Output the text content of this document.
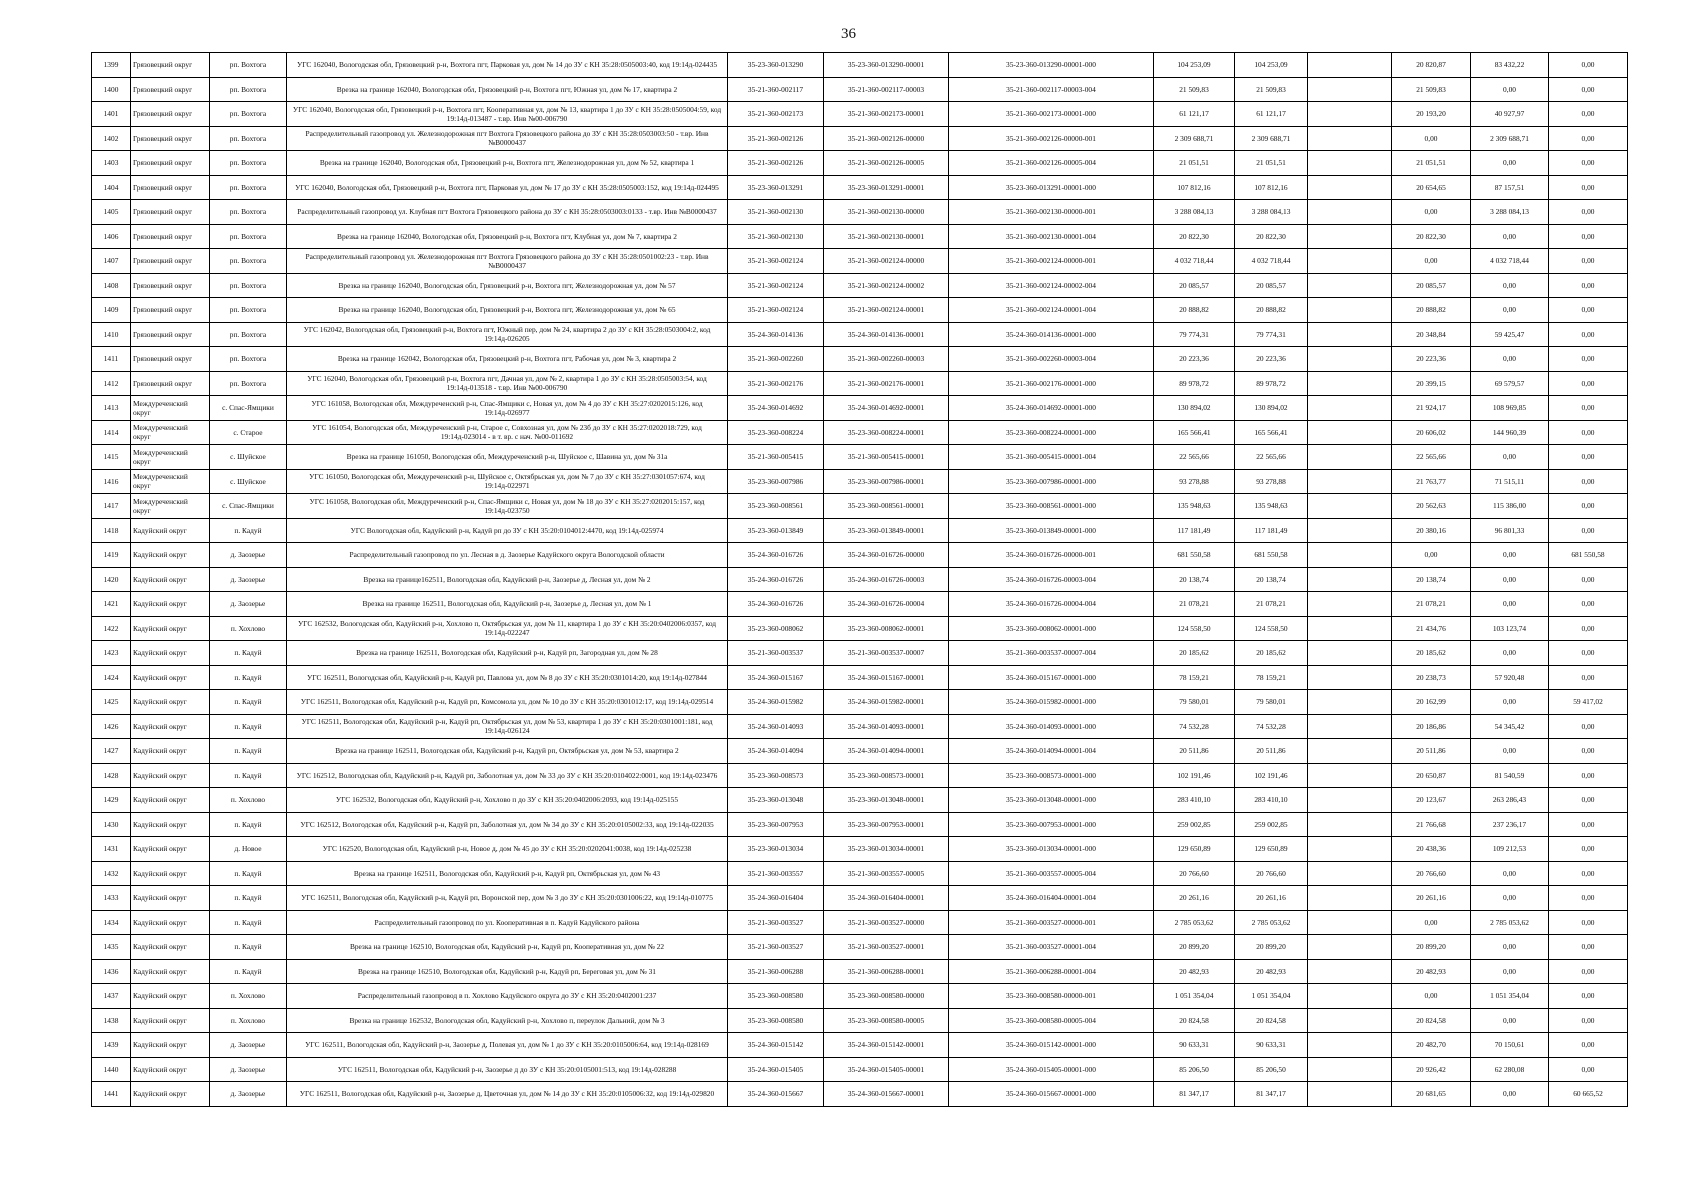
36
1399	Грязовецкий округ	рп. Вохтога	УГС 162040, Вологодская обл, Грязовецкий р-н, Вохтога пгт, Парковая ул, дом № 14 до ЗУ с КН 35:28:0505003:40, код 19:14д-024435	35-23-360-013290	35-23-360-013290-00001	35-23-360-013290-00001-000	104 253,09	104 253,09		20 820,87	83 432,22	0,00
1400	Грязовецкий округ	рп. Вохтога	Врезка на границе 162040, Вологодская обл, Грязовецкий р-н, Вохтога пгт, Южная ул, дом № 17, квартира 2	35-21-360-002117	35-21-360-002117-00003	35-21-360-002117-00003-004	21 509,83	21 509,83		21 509,83	0,00	0,00
1401	Грязовецкий округ	рп. Вохтога	УГС 162040, Вологодская обл, Грязовецкий р-н, Вохтога пгт, Кооперативная ул, дом № 13, квартира 1 до ЗУ с КН 35:28:0505004:59, код 19:14д-013487 - т.вр. Инв №00-006790	35-21-360-002173	35-21-360-002173-00001	35-21-360-002173-00001-000	61 121,17	61 121,17		20 193,20	40 927,97	0,00
1402	Грязовецкий округ	рп. Вохтога	Распределительный газопровод ул. Железнодорожная пгт Вохтога Грязовецкого района до ЗУ с КН 35:28:0503003:50 - т.вр. Инв №В0000437	35-21-360-002126	35-21-360-002126-00000	35-21-360-002126-00000-001	2 309 688,71	2 309 688,71		0,00	2 309 688,71	0,00
1403	Грязовецкий округ	рп. Вохтога	Врезка на границе 162040, Вологодская обл, Грязовецкий р-н, Вохтога пгт, Железнодорожная ул, дом № 52, квартира 1	35-21-360-002126	35-21-360-002126-00005	35-21-360-002126-00005-004	21 051,51	21 051,51		21 051,51	0,00	0,00
1404	Грязовецкий округ	рп. Вохтога	УГС 162040, Вологодская обл, Грязовецкий р-н, Вохтога пгт, Парковая ул, дом № 17 до ЗУ с КН 35:28:0505003:152, код 19:14д-024495	35-23-360-013291	35-23-360-013291-00001	35-23-360-013291-00001-000	107 812,16	107 812,16		20 654,65	87 157,51	0,00
1405	Грязовецкий округ	рп. Вохтога	Распределительный газопровод ул. Клубная пгт Вохтога Грязовецкого района до ЗУ с КН 35:28:0503003:0133 - т.вр. Инв №В0000437	35-21-360-002130	35-21-360-002130-00000	35-21-360-002130-00000-001	3 288 084,13	3 288 084,13		0,00	3 288 084,13	0,00
1406	Грязовецкий округ	рп. Вохтога	Врезка на границе 162040, Вологодская обл, Грязовецкий р-н, Вохтога пгт, Клубная ул, дом № 7, квартира 2	35-21-360-002130	35-21-360-002130-00001	35-21-360-002130-00001-004	20 822,30	20 822,30		20 822,30	0,00	0,00
1407	Грязовецкий округ	рп. Вохтога	Распределительный газопровод ул. Железнодорожная пгт Вохтога Грязовецкого района до ЗУ с КН 35:28:0501002:23 - т.вр. Инв №В0000437	35-21-360-002124	35-21-360-002124-00000	35-21-360-002124-00000-001	4 032 718,44	4 032 718,44		0,00	4 032 718,44	0,00
1408	Грязовецкий округ	рп. Вохтога	Врезка на границе 162040, Вологодская обл, Грязовецкий р-н, Вохтога пгт, Железнодорожная ул, дом № 57	35-21-360-002124	35-21-360-002124-00002	35-21-360-002124-00002-004	20 085,57	20 085,57		20 085,57	0,00	0,00
1409	Грязовецкий округ	рп. Вохтога	Врезка на границе 162040, Вологодская обл, Грязовецкий р-н, Вохтога пгт, Железнодорожная ул, дом № 65	35-21-360-002124	35-21-360-002124-00001	35-21-360-002124-00001-004	20 888,82	20 888,82		20 888,82	0,00	0,00
1410	Грязовецкий округ	рп. Вохтога	УГС 162042, Вологодская обл, Грязовецкий р-н, Вохтога пгт, Южный пер, дом № 24, квартира 2 до ЗУ с КН 35:28:0503004:2, код 19:14д-026205	35-24-360-014136	35-24-360-014136-00001	35-24-360-014136-00001-000	79 774,31	79 774,31		20 348,84	59 425,47	0,00
1411	Грязовецкий округ	рп. Вохтога	Врезка на границе 162042, Вологодская обл, Грязовецкий р-н, Вохтога пгт, Рабочая ул, дом № 3, квартира 2	35-21-360-002260	35-21-360-002260-00003	35-21-360-002260-00003-004	20 223,36	20 223,36		20 223,36	0,00	0,00
1412	Грязовецкий округ	рп. Вохтога	УГС 162040, Вологодская обл, Грязовецкий р-н, Вохтога пгт, Дачная ул, дом № 2, квартира 1 до ЗУ с КН 35:28:0505003:54, код 19:14д-013518 - т.вр. Инв №00-006790	35-21-360-002176	35-21-360-002176-00001	35-21-360-002176-00001-000	89 978,72	89 978,72		20 399,15	69 579,57	0,00
1413	Междуреченский округ	с. Спас-Ямщики	УГС 161058, Вологодская обл, Междуреченский р-н, Спас-Ямщики с, Новая ул, дом № 4 до ЗУ с КН 35:27:0202015:126, код 19:14д-026977	35-24-360-014692	35-24-360-014692-00001	35-24-360-014692-00001-000	130 894,02	130 894,02		21 924,17	108 969,85	0,00
1414	Междуреченский округ	с. Старое	УГС 161054, Вологодская обл, Междуреченский р-н, Старое с, Совхозная ул, дом № 23б до ЗУ с КН 35:27:0202018:729, код 19:14д-023014 - в т. вр. с нач. №00-011692	35-23-360-008224	35-23-360-008224-00001	35-23-360-008224-00001-000	165 566,41	165 566,41		20 606,02	144 960,39	0,00
1415	Междуреченский округ	с. Шуйское	Врезка на границе 161050, Вологодская обл, Междуреченский р-н, Шуйское с, Шавина ул, дом № 31а	35-21-360-005415	35-21-360-005415-00001	35-21-360-005415-00001-004	22 565,66	22 565,66		22 565,66	0,00	0,00
1416	Междуреченский округ	с. Шуйское	УГС 161050, Вологодская обл, Междуреченский р-н, Шуйское с, Октябрьская ул, дом № 7 до ЗУ с КН 35:27:0301057:674, код 19:14д-022971	35-23-360-007986	35-23-360-007986-00001	35-23-360-007986-00001-000	93 278,88	93 278,88		21 763,77	71 515,11	0,00
1417	Междуреченский округ	с. Спас-Ямщики	УГС 161058, Вологодская обл, Междуреченский р-н, Спас-Ямщики с, Новая ул, дом № 18 до ЗУ с КН 35:27:0202015:157, код 19:14д-023750	35-23-360-008561	35-23-360-008561-00001	35-23-360-008561-00001-000	135 948,63	135 948,63		20 562,63	115 386,00	0,00
1418	Кадуйский округ	п. Кадуй	УГС Вологодская обл, Кадуйский р-н, Кадуй рп до ЗУ с КН 35:20:0104012:4470, код 19:14д-025974	35-23-360-013849	35-23-360-013849-00001	35-23-360-013849-00001-000	117 181,49	117 181,49		20 380,16	96 801,33	0,00
1419	Кадуйский округ	д. Заозерье	Распределительный газопровод по ул. Лесная в д. Заозерье Кадуйского округа Вологодской области	35-24-360-016726	35-24-360-016726-00000	35-24-360-016726-00000-001	681 550,58	681 550,58		0,00	0,00	681 550,58
1420	Кадуйский округ	д. Заозерье	Врезка на границе162511, Вологодская обл, Кадуйский р-н, Заозерье д, Лесная ул, дом № 2	35-24-360-016726	35-24-360-016726-00003	35-24-360-016726-00003-004	20 138,74	20 138,74		20 138,74	0,00	0,00
1421	Кадуйский округ	д. Заозерье	Врезка на границе 162511, Вологодская обл, Кадуйский р-н, Заозерье д, Лесная ул, дом № 1	35-24-360-016726	35-24-360-016726-00004	35-24-360-016726-00004-004	21 078,21	21 078,21		21 078,21	0,00	0,00
1422	Кадуйский округ	п. Хохлово	УГС 162532, Вологодская обл, Кадуйский р-н, Хохлово п, Октябрьская ул, дом № 11, квартира 1 до ЗУ с КН 35:20:0402006:0357, код 19:14д-022247	35-23-360-008062	35-23-360-008062-00001	35-23-360-008062-00001-000	124 558,50	124 558,50		21 434,76	103 123,74	0,00
1423	Кадуйский округ	п. Кадуй	Врезка на границе 162511, Вологодская обл, Кадуйский р-н, Кадуй рп, Загородная ул, дом № 28	35-21-360-003537	35-21-360-003537-00007	35-21-360-003537-00007-004	20 185,62	20 185,62		20 185,62	0,00	0,00
1424	Кадуйский округ	п. Кадуй	УГС 162511, Вологодская обл, Кадуйский р-н, Кадуй рп, Павлова ул, дом № 8 до ЗУ с КН 35:20:0301014:20, код 19:14д-027844	35-24-360-015167	35-24-360-015167-00001	35-24-360-015167-00001-000	78 159,21	78 159,21		20 238,73	57 920,48	0,00
1425	Кадуйский округ	п. Кадуй	УГС 162511, Вологодская обл, Кадуйский р-н, Кадуй рп, Комсомола ул, дом № 10 до ЗУ с КН 35:20:0301012:17, код 19:14д-029514	35-24-360-015982	35-24-360-015982-00001	35-24-360-015982-00001-000	79 580,01	79 580,01		20 162,99	0,00	59 417,02
1426	Кадуйский округ	п. Кадуй	УГС 162511, Вологодская обл, Кадуйский р-н, Кадуй рп, Октябрьская ул, дом № 53, квартира 1 до ЗУ с КН 35:20:0301001:181, код 19:14д-026124	35-24-360-014093	35-24-360-014093-00001	35-24-360-014093-00001-000	74 532,28	74 532,28		20 186,86	54 345,42	0,00
1427	Кадуйский округ	п. Кадуй	Врезка на границе 162511, Вологодская обл, Кадуйский р-н, Кадуй рп, Октябрьская ул, дом № 53, квартира 2	35-24-360-014094	35-24-360-014094-00001	35-24-360-014094-00001-004	20 511,86	20 511,86		20 511,86	0,00	0,00
1428	Кадуйский округ	п. Кадуй	УГС 162512, Вологодская обл, Кадуйский р-н, Кадуй рп, Заболотная ул, дом № 33 до ЗУ с КН 35:20:0104022:0001, код 19:14д-023476	35-23-360-008573	35-23-360-008573-00001	35-23-360-008573-00001-000	102 191,46	102 191,46		20 650,87	81 540,59	0,00
1429	Кадуйский округ	п. Хохлово	УГС 162532, Вологодская обл, Кадуйский р-н, Хохлово п до ЗУ с КН 35:20:0402006:2093, код 19:14д-025155	35-23-360-013048	35-23-360-013048-00001	35-23-360-013048-00001-000	283 410,10	283 410,10		20 123,67	263 286,43	0,00
1430	Кадуйский округ	п. Кадуй	УГС 162512, Вологодская обл, Кадуйский р-н, Кадуй рп, Заболотная ул, дом № 34 до ЗУ с КН 35:20:0105002:33, код 19:14д-022035	35-23-360-007953	35-23-360-007953-00001	35-23-360-007953-00001-000	259 002,85	259 002,85		21 766,68	237 236,17	0,00
1431	Кадуйский округ	д. Новое	УГС 162520, Вологодская обл, Кадуйский р-н, Новое д, дом № 45 до ЗУ с КН 35:20:0202041:0038, код 19:14д-025238	35-23-360-013034	35-23-360-013034-00001	35-23-360-013034-00001-000	129 650,89	129 650,89		20 438,36	109 212,53	0,00
1432	Кадуйский округ	п. Кадуй	Врезка на границе 162511, Вологодская обл, Кадуйский р-н, Кадуй рп, Октябрьская ул, дом № 43	35-21-360-003557	35-21-360-003557-00005	35-21-360-003557-00005-004	20 766,60	20 766,60		20 766,60	0,00	0,00
1433	Кадуйский округ	п. Кадуй	УГС 162511, Вологодская обл, Кадуйский р-н, Кадуй рп, Воронской пер, дом № 3 до ЗУ с КН 35:20:0301006:22, код 19:14д-010775	35-24-360-016404	35-24-360-016404-00001	35-24-360-016404-00001-004	20 261,16	20 261,16		20 261,16	0,00	0,00
1434	Кадуйский округ	п. Кадуй	Распределительный газопровод по ул. Кооперативная в п. Кадуй Кадуйского района	35-21-360-003527	35-21-360-003527-00000	35-21-360-003527-00000-001	2 785 053,62	2 785 053,62		0,00	2 785 053,62	0,00
1435	Кадуйский округ	п. Кадуй	Врезка на границе 162510, Вологодская обл, Кадуйский р-н, Кадуй рп, Кооперативная ул, дом № 22	35-21-360-003527	35-21-360-003527-00001	35-21-360-003527-00001-004	20 899,20	20 899,20		20 899,20	0,00	0,00
1436	Кадуйский округ	п. Кадуй	Врезка на границе 162510, Вологодская обл, Кадуйский р-н, Кадуй рп, Береговая ул, дом № 31	35-21-360-006288	35-21-360-006288-00001	35-21-360-006288-00001-004	20 482,93	20 482,93		20 482,93	0,00	0,00
1437	Кадуйский округ	п. Хохлово	Распределительный газопровод в п. Хохлово Кадуйского округа до ЗУ с КН 35:20:0402001:237	35-23-360-008580	35-23-360-008580-00000	35-23-360-008580-00000-001	1 051 354,04	1 051 354,04		0,00	1 051 354,04	0,00
1438	Кадуйский округ	п. Хохлово	Врезка на границе 162532, Вологодская обл, Кадуйский р-н, Хохлово п, переулок Дальний, дом № 3	35-23-360-008580	35-23-360-008580-00005	35-23-360-008580-00005-004	20 824,58	20 824,58		20 824,58	0,00	0,00
1439	Кадуйский округ	д. Заозерье	УГС 162511, Вологодская обл, Кадуйский р-н, Заозерье д, Полевая ул, дом № 1 до ЗУ с КН 35:20:0105006:64, код 19:14д-028169	35-24-360-015142	35-24-360-015142-00001	35-24-360-015142-00001-000	90 633,31	90 633,31		20 482,70	70 150,61	0,00
1440	Кадуйский округ	д. Заозерье	УГС 162511, Вологодская обл, Кадуйский р-н, Заозерье д до ЗУ с КН 35:20:0105001:513, код 19:14д-028288	35-24-360-015405	35-24-360-015405-00001	35-24-360-015405-00001-000	85 206,50	85 206,50		20 926,42	62 280,08	0,00
1441	Кадуйский округ	д. Заозерье	УГС 162511, Вологодская обл, Кадуйский р-н, Заозерье д, Цветочная ул, дом № 14 до ЗУ с КН 35:20:0105006:32, код 19:14д-029820	35-24-360-015667	35-24-360-015667-00001	35-24-360-015667-00001-000	81 347,17	81 347,17		20 681,65	0,00	60 665,52
